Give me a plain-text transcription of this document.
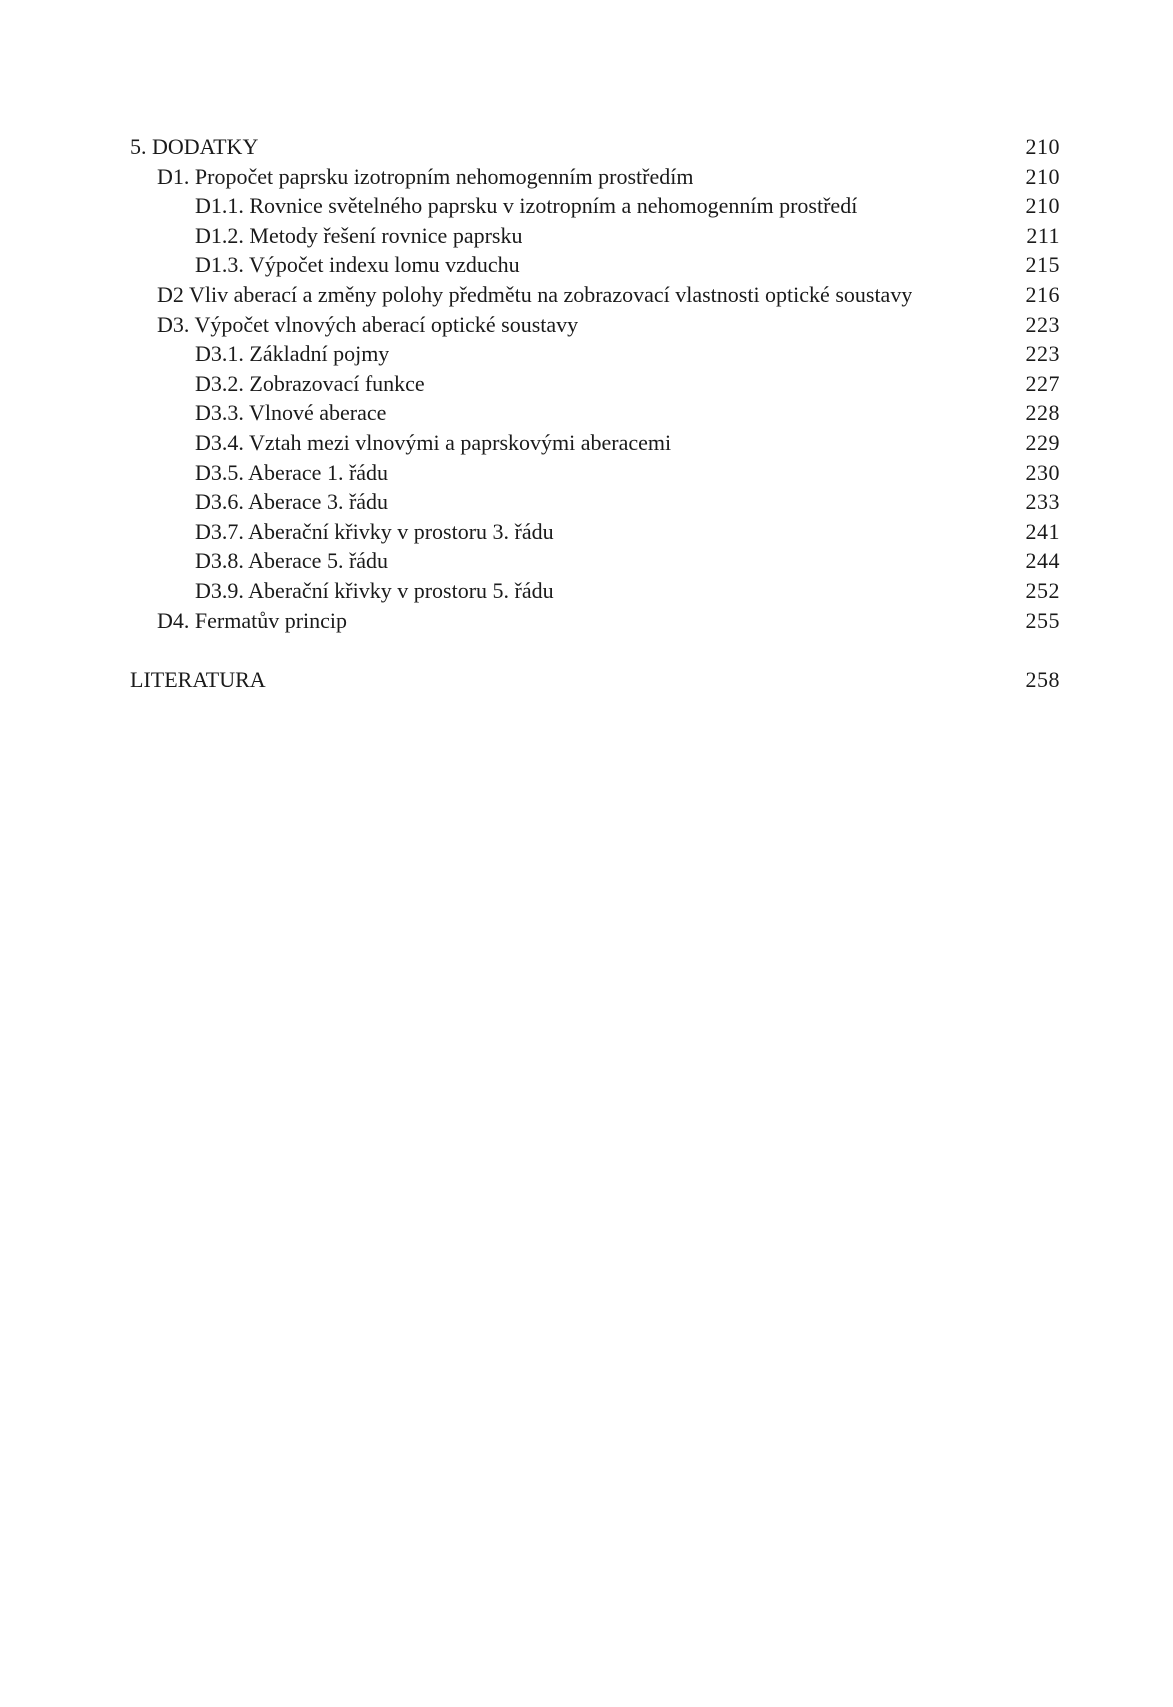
5. DODATKY	210
D1. Propočet paprsku izotropním nehomogenním prostředím	210
D1.1. Rovnice světelného paprsku v izotropním a nehomogenním prostředí	210
D1.2. Metody řešení rovnice paprsku	211
D1.3. Výpočet indexu lomu vzduchu	215
D2 Vliv aberací a změny polohy předmětu na zobrazovací vlastnosti optické soustavy	216
D3. Výpočet vlnových aberací optické soustavy	223
D3.1. Základní pojmy	223
D3.2. Zobrazovací funkce	227
D3.3. Vlnové aberace	228
D3.4. Vztah mezi vlnovými a paprskovými aberacemi	229
D3.5. Aberace 1. řádu	230
D3.6. Aberace 3. řádu	233
D3.7. Aberační křivky v prostoru 3. řádu	241
D3.8. Aberace 5. řádu	244
D3.9. Aberační křivky v prostoru 5. řádu	252
D4. Fermatův princip	255
LITERATURA	258
